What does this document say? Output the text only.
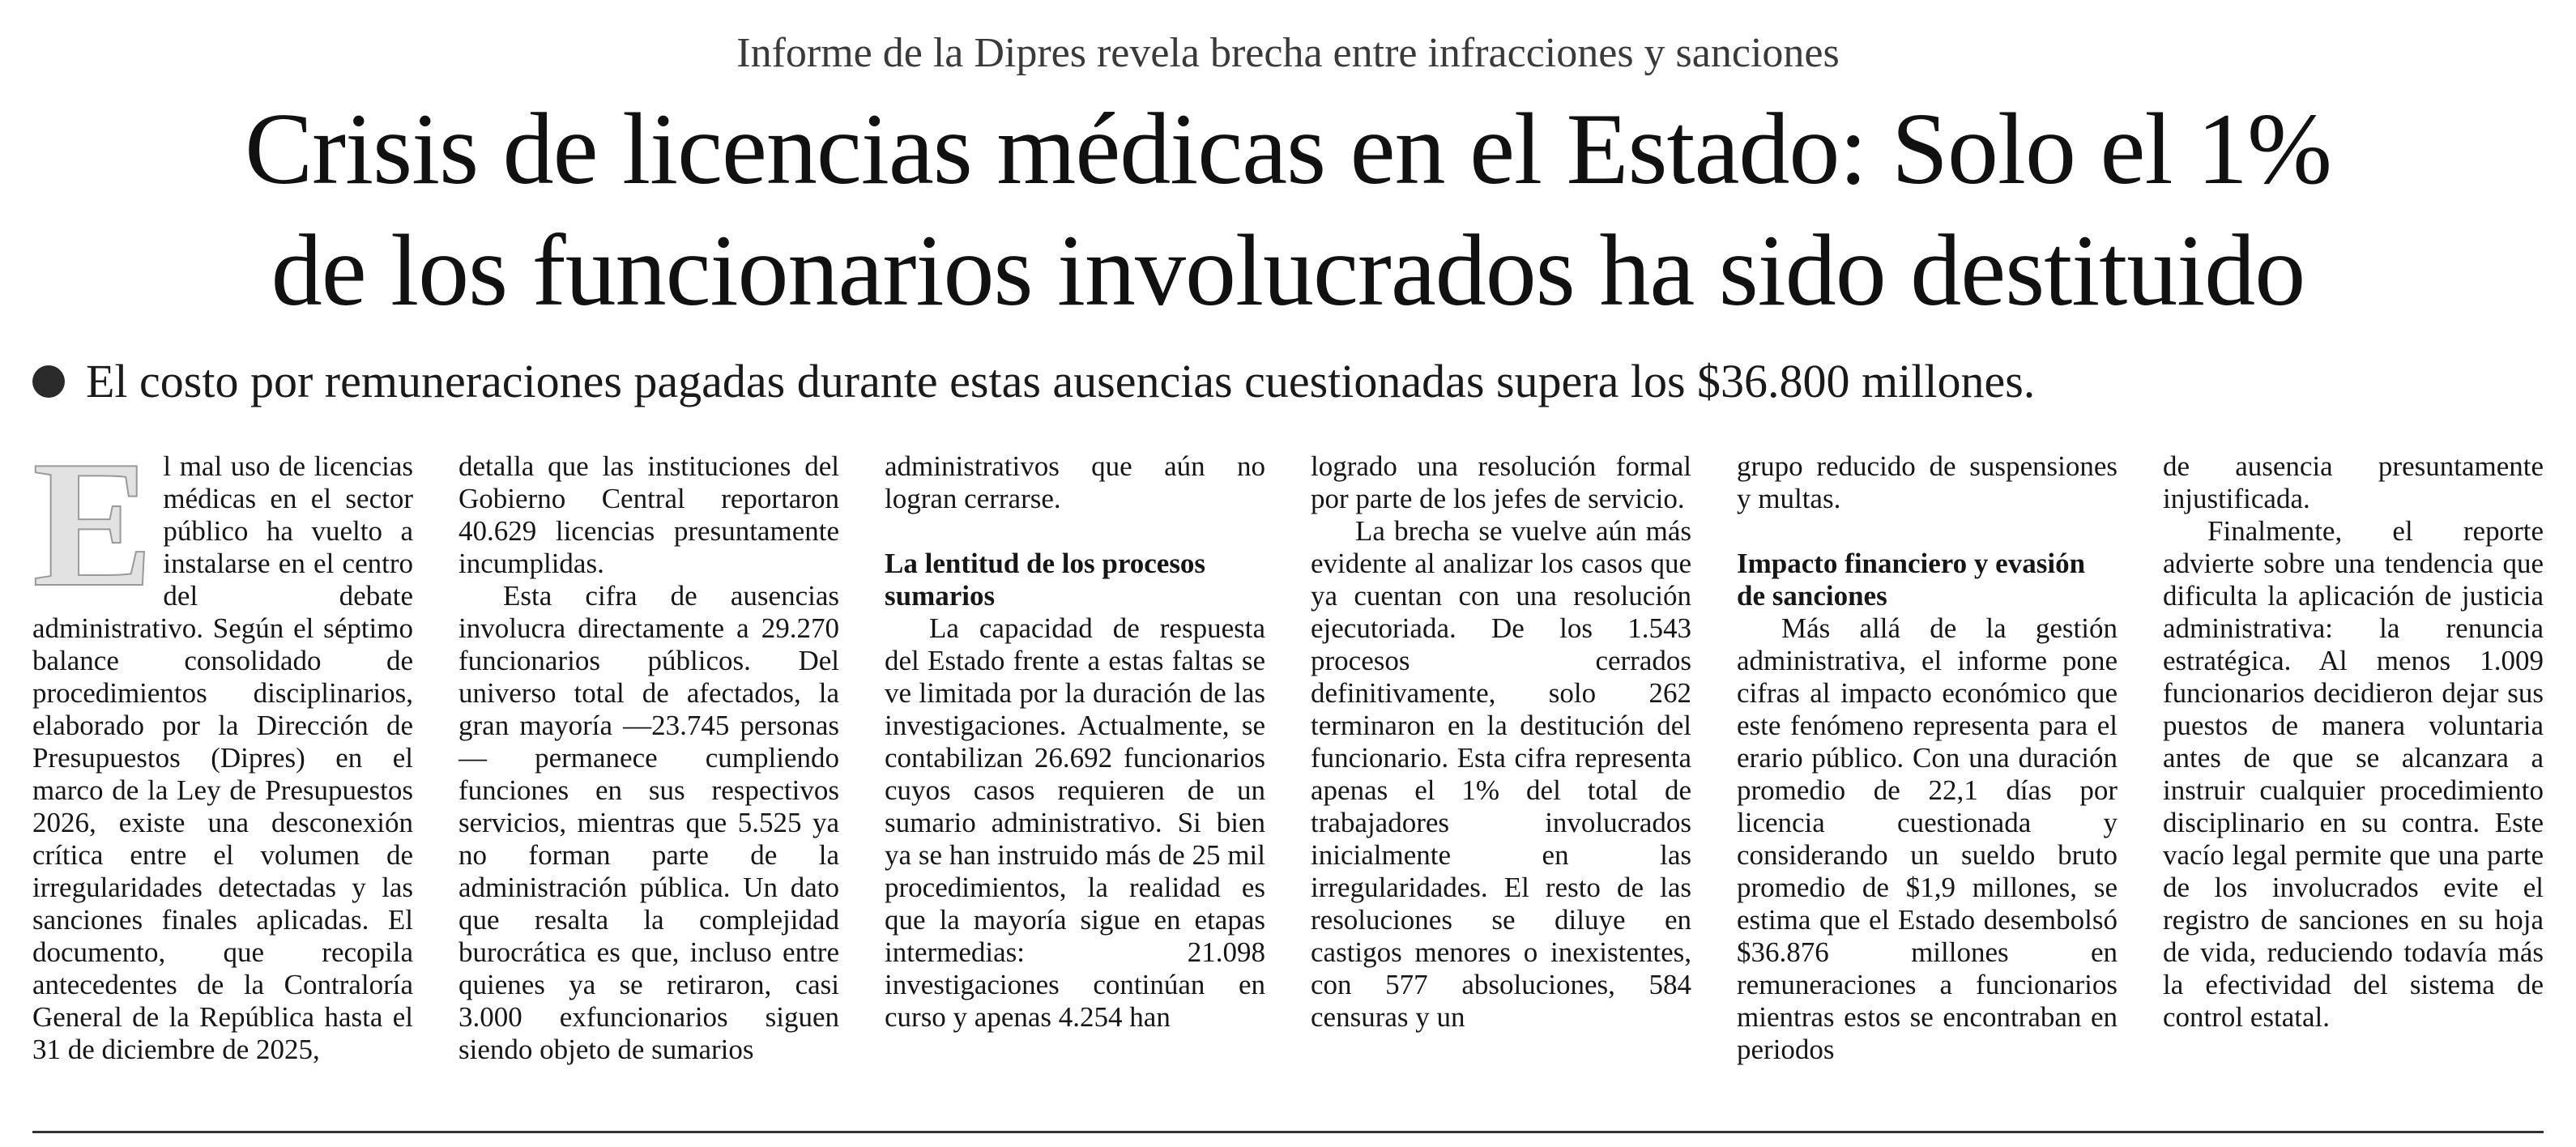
Informe de la Dipres revela brecha entre infracciones y sanciones
Crisis de licencias médicas en el Estado: Solo el 1%
de los funcionarios involucrados ha sido destituido
El costo por remuneraciones pagadas durante estas ausencias cuestionadas supera los $36.800 millones.
E l mal uso de licencias médicas en el sector público ha vuelto a instalarse en el centro del debate administrativo. Según el séptimo balance consolidado de procedimientos disciplinarios, elaborado por la Dirección de Presupuestos (Dipres) en el marco de la Ley de Presupuestos 2026, existe una desconexión crítica entre el volumen de irregularidades detectadas y las sanciones finales aplicadas. El documento, que recopila antecedentes de la Contraloría General de la República hasta el 31 de diciembre de 2025,

detalla que las instituciones del Gobierno Central reportaron 40.629 licencias presuntamente incumplidas.

Esta cifra de ausencias involucra directamente a 29.270 funcionarios públicos. Del universo total de afectados, la gran mayoría —23.745 personas— permanece cumpliendo funciones en sus respectivos servicios, mientras que 5.525 ya no forman parte de la administración pública. Un dato que resalta la complejidad burocrática es que, incluso entre quienes ya se retiraron, casi 3.000 exfuncionarios siguen siendo objeto de sumarios

administrativos que aún no logran cerrarse.

La lentitud de los procesos sumarios

La capacidad de respuesta del Estado frente a estas faltas se ve limitada por la duración de las investigaciones. Actualmente, se contabilizan 26.692 funcionarios cuyos casos requieren de un sumario administrativo. Si bien ya se han instruido más de 25 mil procedimientos, la realidad es que la mayoría sigue en etapas intermedias: 21.098 investigaciones continúan en curso y apenas 4.254 han

logrado una resolución formal por parte de los jefes de servicio.

La brecha se vuelve aún más evidente al analizar los casos que ya cuentan con una resolución ejecutoriada. De los 1.543 procesos cerrados definitivamente, solo 262 terminaron en la destitución del funcionario. Esta cifra representa apenas el 1% del total de trabajadores involucrados inicialmente en las irregularidades. El resto de las resoluciones se diluye en castigos menores o inexistentes, con 577 absoluciones, 584 censuras y un

grupo reducido de suspensiones y multas.

Impacto financiero y evasión de sanciones

Más allá de la gestión administrativa, el informe pone cifras al impacto económico que este fenómeno representa para el erario público. Con una duración promedio de 22,1 días por licencia cuestionada y considerando un sueldo bruto promedio de $1,9 millones, se estima que el Estado desembolsó $36.876 millones en remuneraciones a funcionarios mientras estos se encontraban en periodos

de ausencia presuntamente injustificada.

Finalmente, el reporte advierte sobre una tendencia que dificulta la aplicación de justicia administrativa: la renuncia estratégica. Al menos 1.009 funcionarios decidieron dejar sus puestos de manera voluntaria antes de que se alcanzara a instruir cualquier procedimiento disciplinario en su contra. Este vacío legal permite que una parte de los involucrados evite el registro de sanciones en su hoja de vida, reduciendo todavía más la efectividad del sistema de control estatal.
